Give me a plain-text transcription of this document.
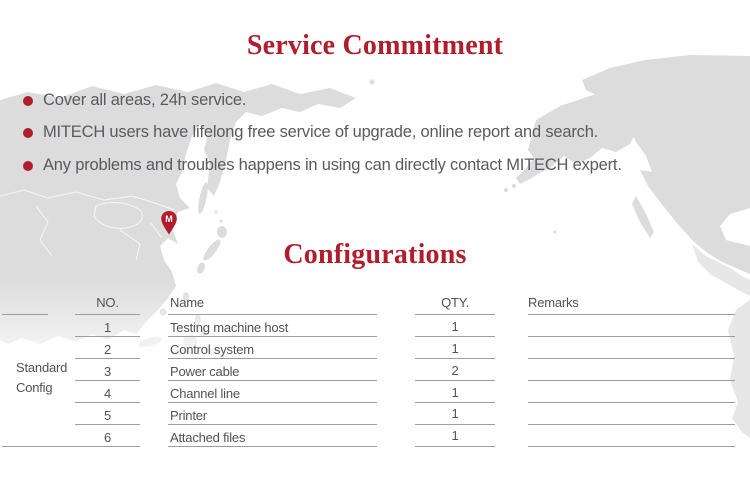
Service Commitment
Cover all areas, 24h service.
MITECH users have lifelong free service of upgrade, online report and search.
Any problems and troubles happens in using can directly contact MITECH expert.
M
Configurations
Standard
Config
NO.	Name	QTY.	Remarks
1	Testing machine host	1
2	Control system	1
3	Power cable	2
4	Channel line	1
5	Printer	1
6	Attached files	1
